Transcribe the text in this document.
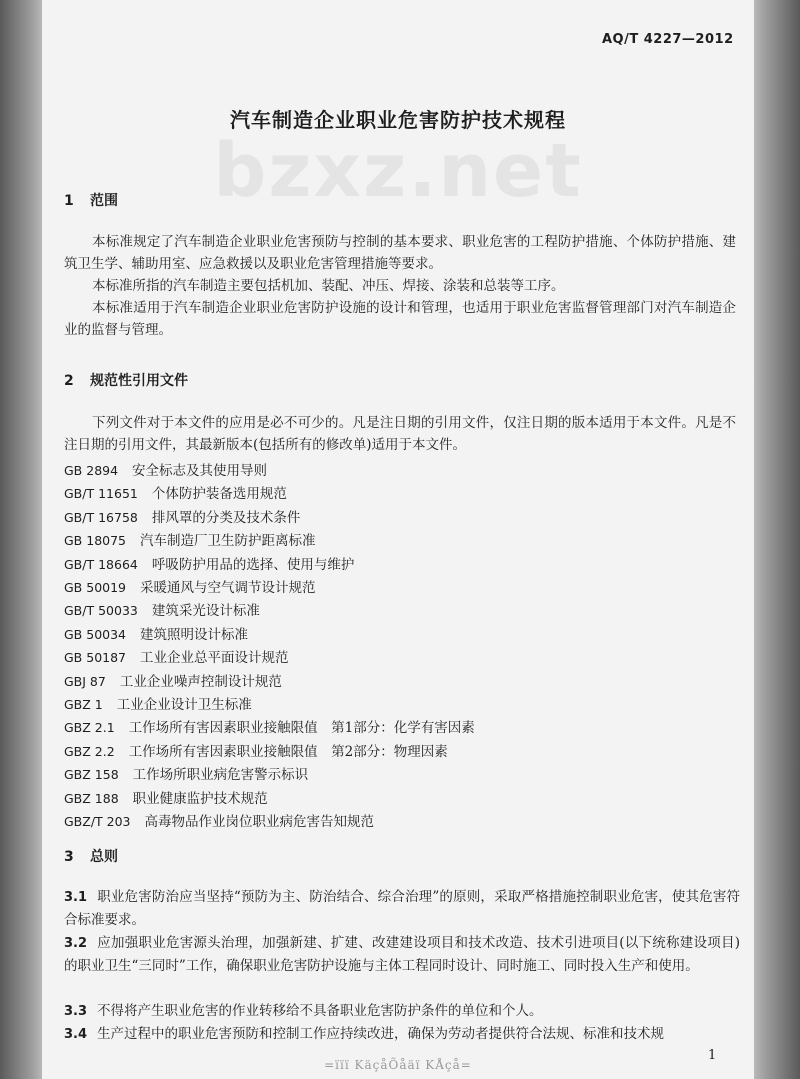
AQ/T 4227—2012
bzxz.net
汽车制造企业职业危害防护技术规程
1 范围
本标准规定了汽车制造企业职业危害预防与控制的基本要求、职业危害的工程防护措施、个体防护措施、建筑卫生学、辅助用室、应急救援以及职业危害管理措施等要求。
本标准所指的汽车制造主要包括机加、装配、冲压、焊接、涂装和总装等工序。
本标准适用于汽车制造企业职业危害防护设施的设计和管理，也适用于职业危害监督管理部门对汽车制造企业的监督与管理。
2 规范性引用文件
下列文件对于本文件的应用是必不可少的。凡是注日期的引用文件，仅注日期的版本适用于本文件。凡是不注日期的引用文件，其最新版本(包括所有的修改单)适用于本文件。
GB 2894 安全标志及其使用导则
GB/T 11651 个体防护装备选用规范
GB/T 16758 排风罩的分类及技术条件
GB 18075 汽车制造厂卫生防护距离标准
GB/T 18664 呼吸防护用品的选择、使用与维护
GB 50019 采暖通风与空气调节设计规范
GB/T 50033 建筑采光设计标准
GB 50034 建筑照明设计标准
GB 50187 工业企业总平面设计规范
GBJ 87 工业企业噪声控制设计规范
GBZ 1 工业企业设计卫生标准
GBZ 2.1 工作场所有害因素职业接触限值　第1部分：化学有害因素
GBZ 2.2 工作场所有害因素职业接触限值　第2部分：物理因素
GBZ 158 工作场所职业病危害警示标识
GBZ 188 职业健康监护技术规范
GBZ/T 203 高毒物品作业岗位职业病危害告知规范
3 总则
3.1 职业危害防治应当坚持“预防为主、防治结合、综合治理”的原则，采取严格措施控制职业危害，使其危害符合标准要求。
3.2 应加强职业危害源头治理，加强新建、扩建、改建建设项目和技术改造、技术引进项目(以下统称建设项目)的职业卫生“三同时”工作，确保职业危害防护设施与主体工程同时设计、同时施工、同时投入生产和使用。
3.3 不得将产生职业危害的作业转移给不具备职业危害防护条件的单位和个人。
3.4 生产过程中的职业危害预防和控制工作应持续改进，确保为劳动者提供符合法规、标准和技术规
1
=ïïï KäçåÕåäï KÅçå=
